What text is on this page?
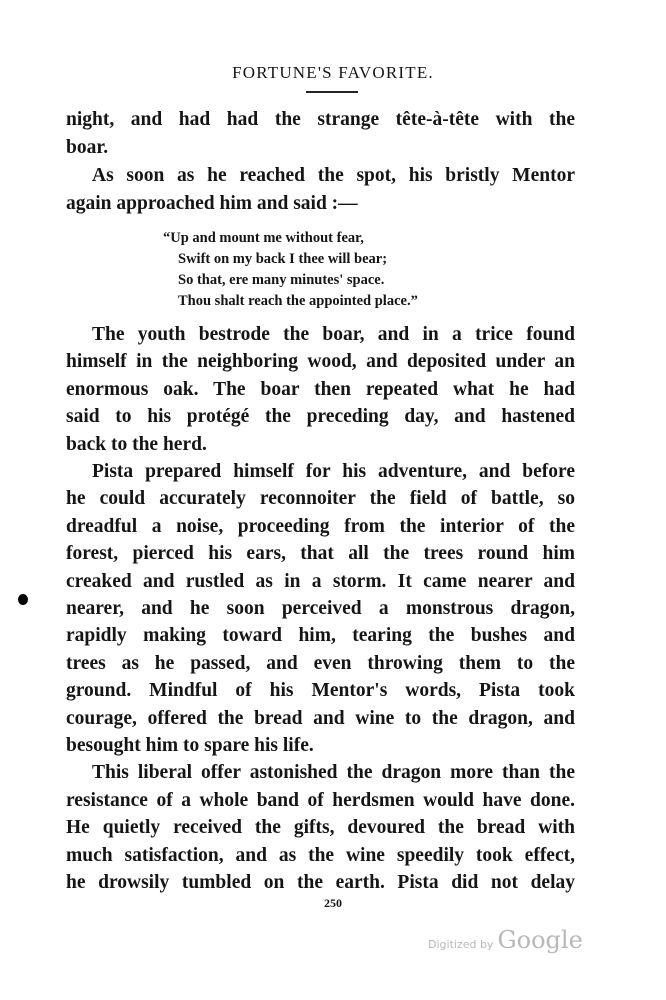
FORTUNE'S FAVORITE.
night, and had had the strange tête-à-tête with the
boar.
As soon as he reached the spot, his bristly Mentor
again approached him and said :—
“Up and mount me without fear,
Swift on my back I thee will bear;
So that, ere many minutes' space.
Thou shalt reach the appointed place.”
The youth bestrode the boar, and in a trice found
himself in the neighboring wood, and deposited under an
enormous oak. The boar then repeated what he had
said to his protégé the preceding day, and hastened
back to the herd.
Pista prepared himself for his adventure, and before
he could accurately reconnoiter the field of battle, so
dreadful a noise, proceeding from the interior of the
forest, pierced his ears, that all the trees round him
creaked and rustled as in a storm. It came nearer and
nearer, and he soon perceived a monstrous dragon,
rapidly making toward him, tearing the bushes and
trees as he passed, and even throwing them to the
ground. Mindful of his Mentor's words, Pista took
courage, offered the bread and wine to the dragon, and
besought him to spare his life.
This liberal offer astonished the dragon more than the
resistance of a whole band of herdsmen would have done.
He quietly received the gifts, devoured the bread with
much satisfaction, and as the wine speedily took effect,
he drowsily tumbled on the earth. Pista did not delay
250
Digitized by Google
